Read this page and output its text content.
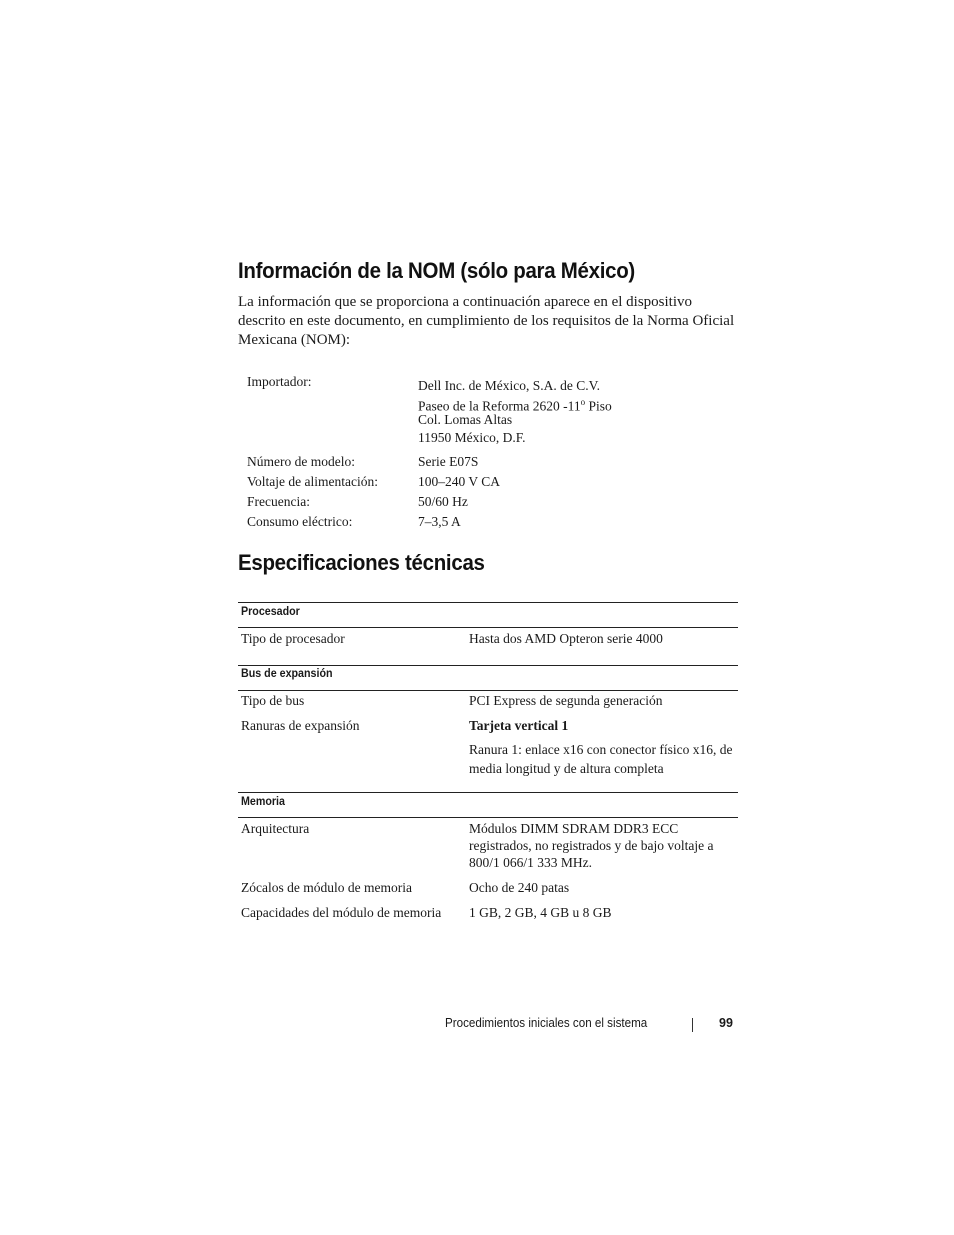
Información de la NOM (sólo para México)

La información que se proporciona a continuación aparece en el dispositivo descrito en este documento, en cumplimiento de los requisitos de la Norma Oficial Mexicana (NOM):

Importador:	Dell Inc. de México, S.A. de C.V.
Paseo de la Reforma 2620 -11$^o$ Piso
Col. Lomas Altas
11950 México, D.F.
Número de modelo:	Serie E07S
Voltaje de alimentación:	100–240 V CA
Frecuencia:	50/60 Hz
Consumo eléctrico:	7–3,5 A
Especificaciones técnicas
Procesador
Tipo de procesador	Hasta dos AMD Opteron serie 4000
Bus de expansión
Tipo de bus	PCI Express de segunda generación
Ranuras de expansión	Tarjeta vertical 1
Ranura 1: enlace x16 con conector físico x16, de media longitud y de altura completa
Memoria
Arquitectura	Módulos DIMM SDRAM DDR3 ECC registrados, no registrados y de bajo voltaje a 800/1 066/1 333 MHz.
Zócalos de módulo de memoria	Ocho de 240 patas
Capacidades del módulo de memoria 1 GB, 2 GB, 4 GB u 8 GB
Procedimientos iniciales con el sistema	99
